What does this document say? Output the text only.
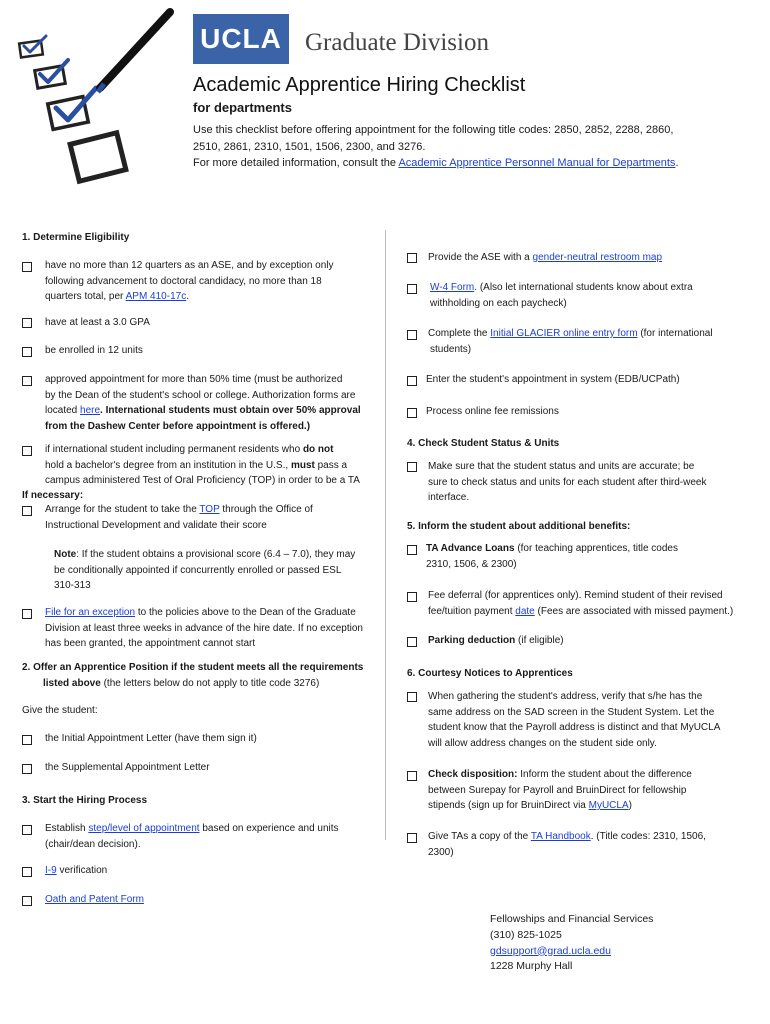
UCLA Graduate Division
Academic Apprentice Hiring Checklist
for departments
Use this checklist before offering appointment for the following title codes: 2850, 2852, 2288, 2860,
2510, 2861, 2310, 1501, 1506, 2300, and 3276.
For more detailed information, consult the Academic Apprentice Personnel Manual for Departments.
1. Determine Eligibility
have no more than 12 quarters as an ASE, and by exception only
following advancement to doctoral candidacy, no more than 18
quarters total, per APM 410-17c.
have at least a 3.0 GPA
be enrolled in 12 units
approved appointment for more than 50% time (must be authorized
by the Dean of the student's school or college. Authorization forms are
located here. International students must obtain over 50% approval
from the Dashew Center before appointment is offered.)
if international student including permanent residents who do not
hold a bachelor's degree from an institution in the U.S., must pass a
campus administered Test of Oral Proficiency (TOP) in order to be a TA
If necessary:
Arrange for the student to take the TOP through the Office of
Instructional Development and validate their score
Note: If the student obtains a provisional score (6.4 – 7.0), they may
be conditionally appointed if concurrently enrolled or passed ESL
310-313
File for an exception to the policies above to the Dean of the Graduate
Division at least three weeks in advance of the hire date. If no exception
has been granted, the appointment cannot start
2. Offer an Apprentice Position if the student meets all the requirements
listed above (the letters below do not apply to title code 3276)
Give the student:
the Initial Appointment Letter (have them sign it)
the Supplemental Appointment Letter
3. Start the Hiring Process
Establish step/level of appointment based on experience and units
(chair/dean decision).
I-9 verification
Oath and Patent Form
Provide the ASE with a gender-neutral restroom map
W-4 Form. (Also let international students know about extra
withholding on each paycheck)
Complete the Initial GLACIER online entry form (for international
students)
Enter the student's appointment in system (EDB/UCPath)
Process online fee remissions
4. Check Student Status & Units
Make sure that the student status and units are accurate; be
sure to check status and units for each student after third-week
interface.
5. Inform the student about additional benefits:
TA Advance Loans (for teaching apprentices, title codes
2310, 1506, & 2300)
Fee deferral (for apprentices only). Remind student of their revised
fee/tuition payment date (Fees are associated with missed payment.)
Parking deduction (if eligible)
6. Courtesy Notices to Apprentices
When gathering the student's address, verify that s/he has the
same address on the SAD screen in the Student System. Let the
student know that the Payroll address is distinct and that MyUCLA
will allow address changes on the student side only.
Check disposition: Inform the student about the difference
between Surepay for Payroll and BruinDirect for fellowship
stipends (sign up for BruinDirect via MyUCLA)
Give TAs a copy of the TA Handbook. (Title codes: 2310, 1506,
2300)
Fellowships and Financial Services
(310) 825-1025
gdsupport@grad.ucla.edu
1228 Murphy Hall
